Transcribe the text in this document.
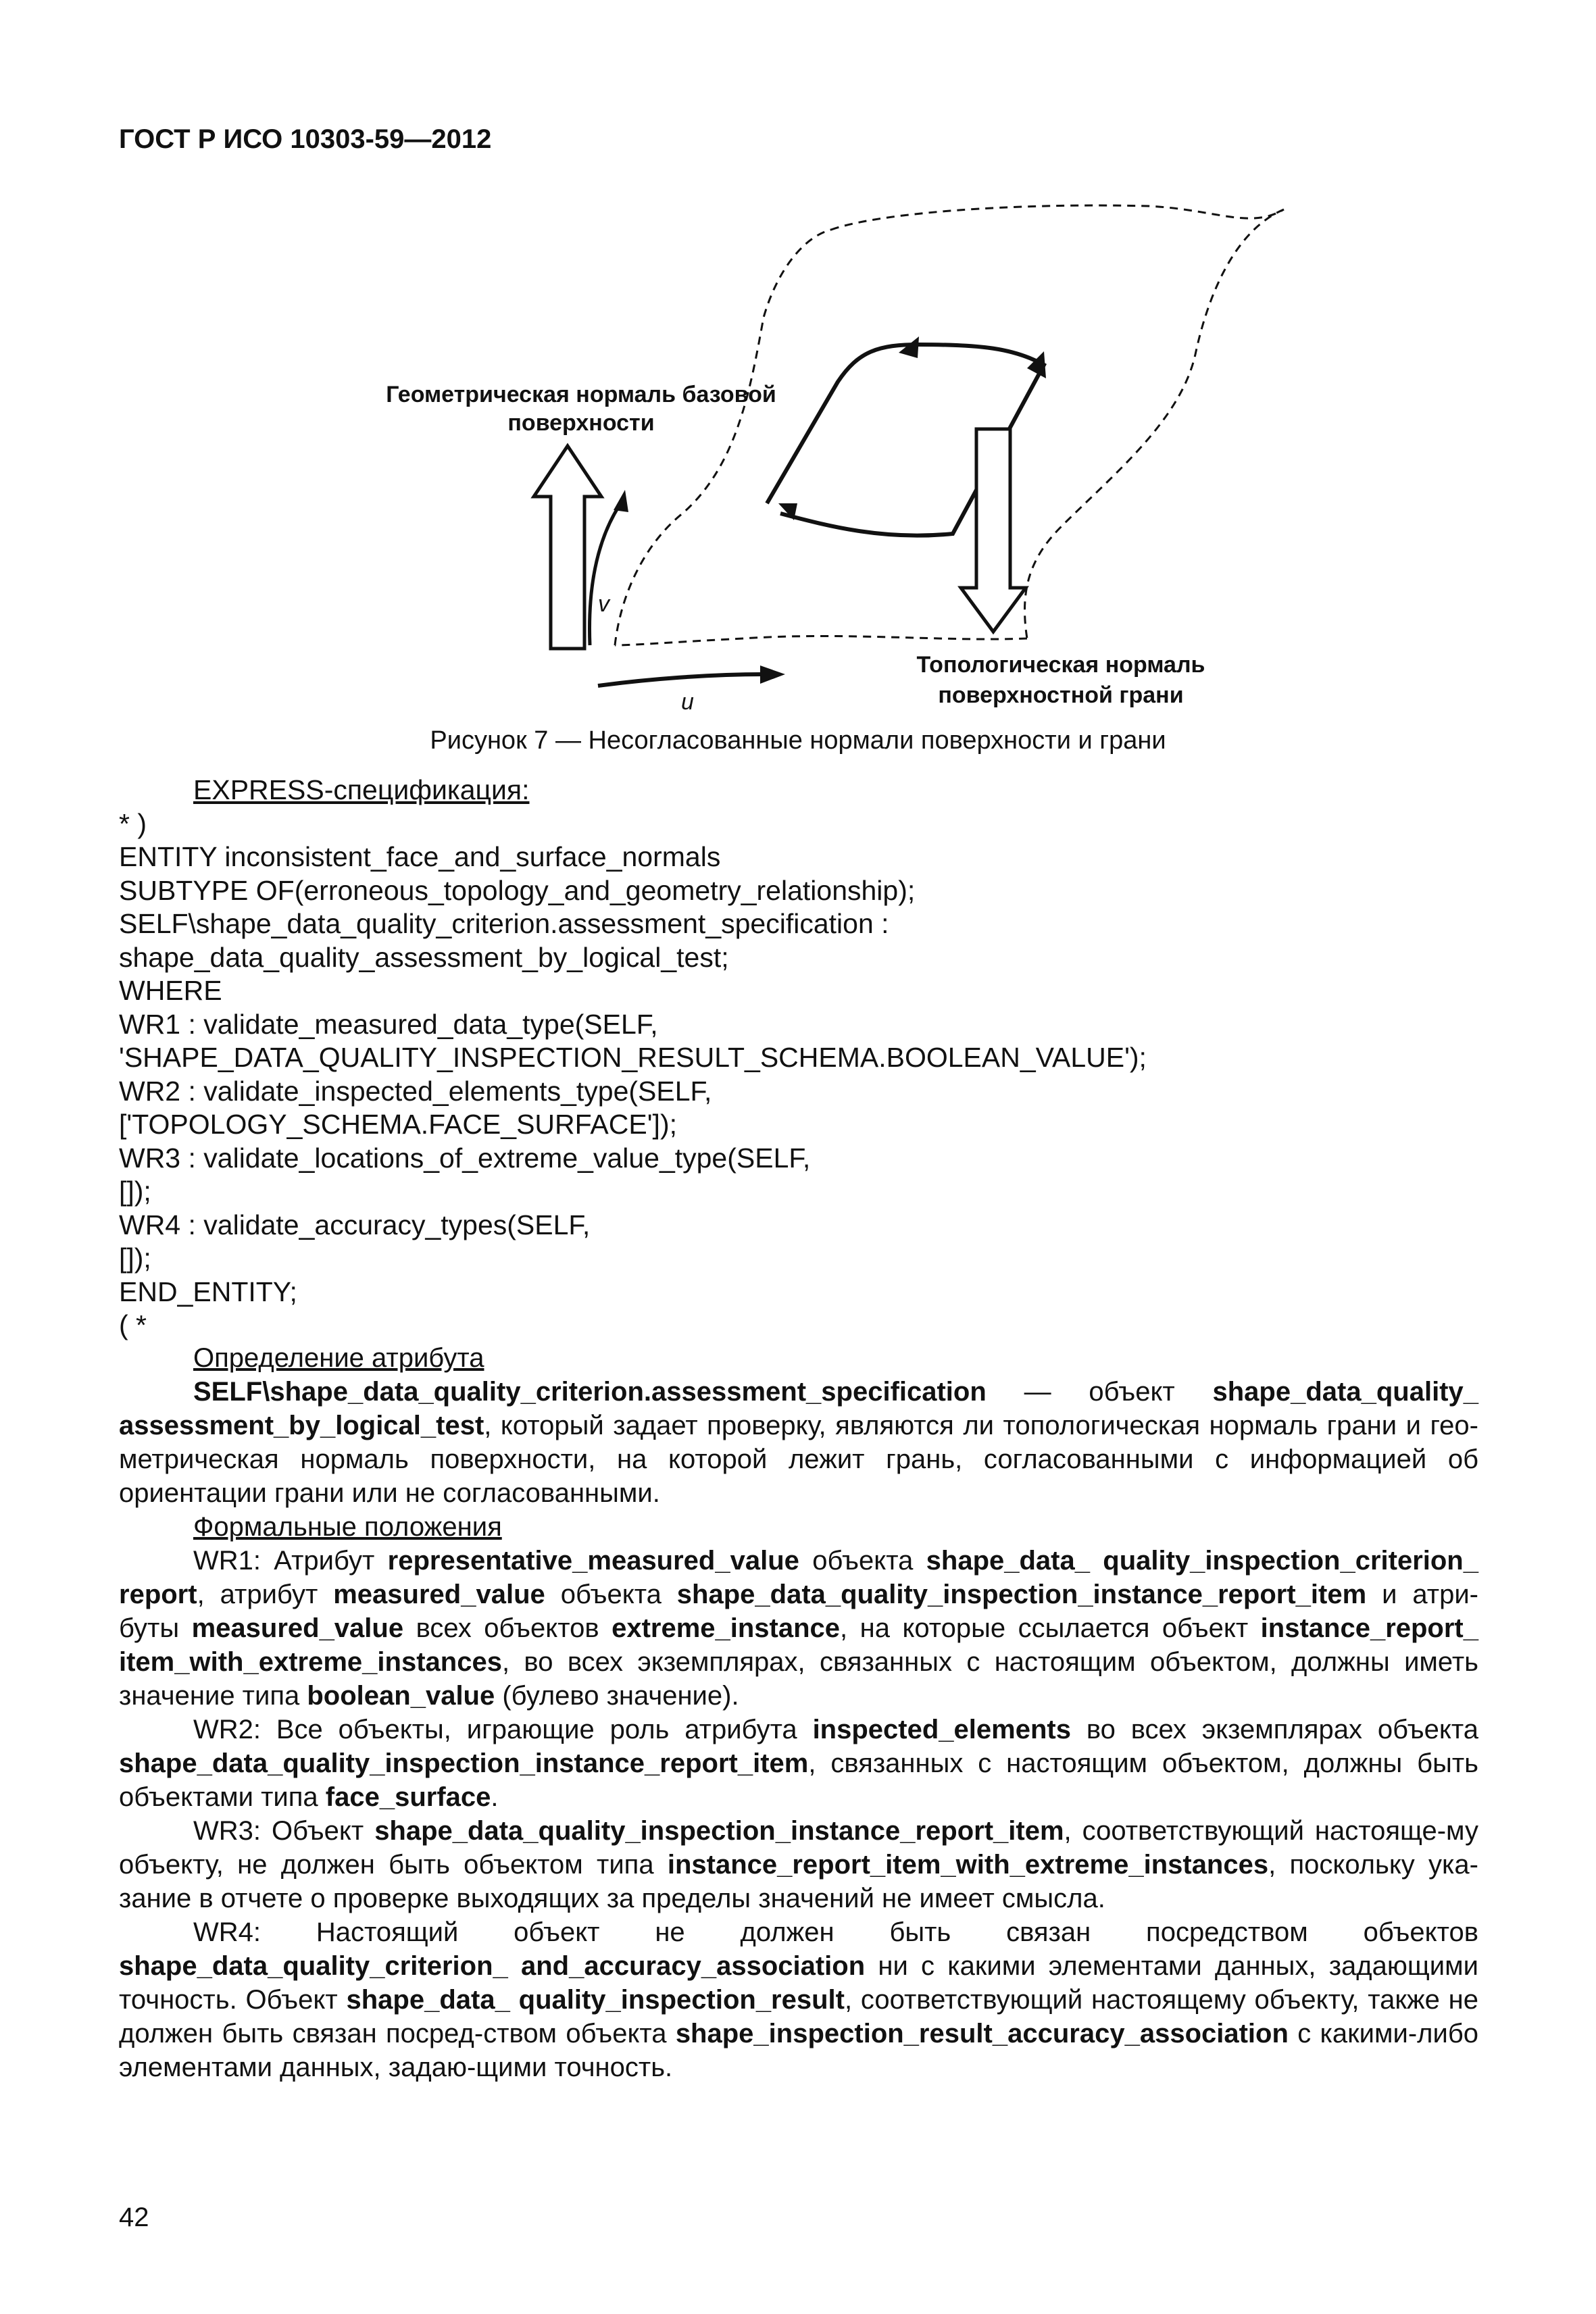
ГОСТ Р ИСО 10303-59—2012
Геометрическая нормаль базовой
поверхности
v
u
Топологическая нормаль
поверхностной грани
Рисунок 7 — Несогласованные нормали поверхности и грани
EXPRESS-спецификация:
* )
ENTITY inconsistent_face_and_surface_normals
SUBTYPE OF(erroneous_topology_and_geometry_relationship);
SELF\shape_data_quality_criterion.assessment_specification :
shape_data_quality_assessment_by_logical_test;
WHERE
WR1 : validate_measured_data_type(SELF,
'SHAPE_DATA_QUALITY_INSPECTION_RESULT_SCHEMA.BOOLEAN_VALUE');
WR2 : validate_inspected_elements_type(SELF,
['TOPOLOGY_SCHEMA.FACE_SURFACE']);
WR3 : validate_locations_of_extreme_value_type(SELF,
[]);
WR4 : validate_accuracy_types(SELF,
[]);
END_ENTITY;
( *

Определение атрибута

SELF\shape_data_quality_criterion.assessment_specification — объект shape_data_quality_ assessment_by_logical_test, который задает проверку, являются ли топологическая нормаль грани и гео-метрическая нормаль поверхности, на которой лежит грань, согласованными с информацией об ориентации грани или не согласованными.

Формальные положения

WR1: Атрибут representative_measured_value объекта shape_data_ quality_inspection_criterion_ report, атрибут measured_value объекта shape_data_quality_inspection_instance_report_item и атри-буты measured_value всех объектов extreme_instance, на которые ссылается объект instance_report_ item_with_extreme_instances, во всех экземплярах, связанных с настоящим объектом, должны иметь значение типа boolean_value (булево значение).

WR2: Все объекты, играющие роль атрибута inspected_elements во всех экземплярах объекта shape_data_quality_inspection_instance_report_item, связанных с настоящим объектом, должны быть объектами типа face_surface.

WR3: Объект shape_data_quality_inspection_instance_report_item, соответствующий настояще-му объекту, не должен быть объектом типа instance_report_item_with_extreme_instances, поскольку ука-зание в отчете о проверке выходящих за пределы значений не имеет смысла.

WR4: Настоящий объект не должен быть связан посредством объектов shape_data_quality_criterion_ and_accuracy_association ни с какими элементами данных, задающими точность. Объект shape_data_ quality_inspection_result, соответствующий настоящему объекту, также не должен быть связан посред-ством объекта shape_inspection_result_accuracy_association с какими-либо элементами данных, задаю-щими точность.

42
